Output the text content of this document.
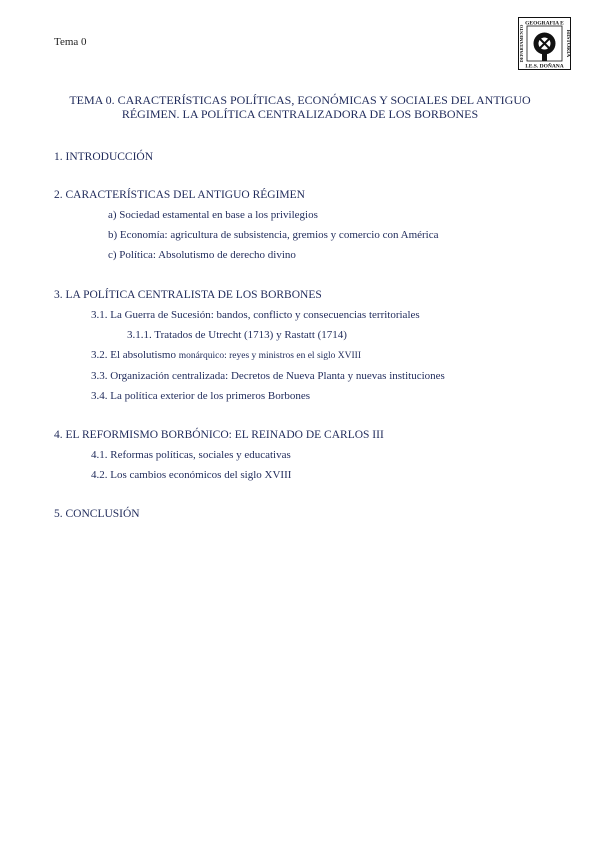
Tema 0
GEOGRAFIA E
I.E.S. DOÑANA
HISTORIA
DEPARTAMENTO
TEMA 0. CARACTERÍSTICAS POLÍTICAS, ECONÓMICAS Y SOCIALES DEL ANTIGUO
RÉGIMEN. LA POLÍTICA CENTRALIZADORA DE LOS BORBONES
1. INTRODUCCIÓN
2. CARACTERÍSTICAS DEL ANTIGUO RÉGIMEN
a) Sociedad estamental en base a los privilegios
b) Economía: agricultura de subsistencia, gremios y comercio con América
c) Política: Absolutismo de derecho divino
3. LA POLÍTICA CENTRALISTA DE LOS BORBONES
3.1. La Guerra de Sucesión: bandos, conflicto y consecuencias territoriales
3.1.1. Tratados de Utrecht (1713) y Rastatt (1714)
3.2. El absolutismo monárquico: reyes y ministros en el siglo XVIII
3.3. Organización centralizada: Decretos de Nueva Planta y nuevas instituciones
3.4. La política exterior de los primeros Borbones
4. EL REFORMISMO BORBÓNICO: EL REINADO DE CARLOS III
4.1. Reformas políticas, sociales y educativas
4.2. Los cambios económicos del siglo XVIII
5. CONCLUSIÓN
